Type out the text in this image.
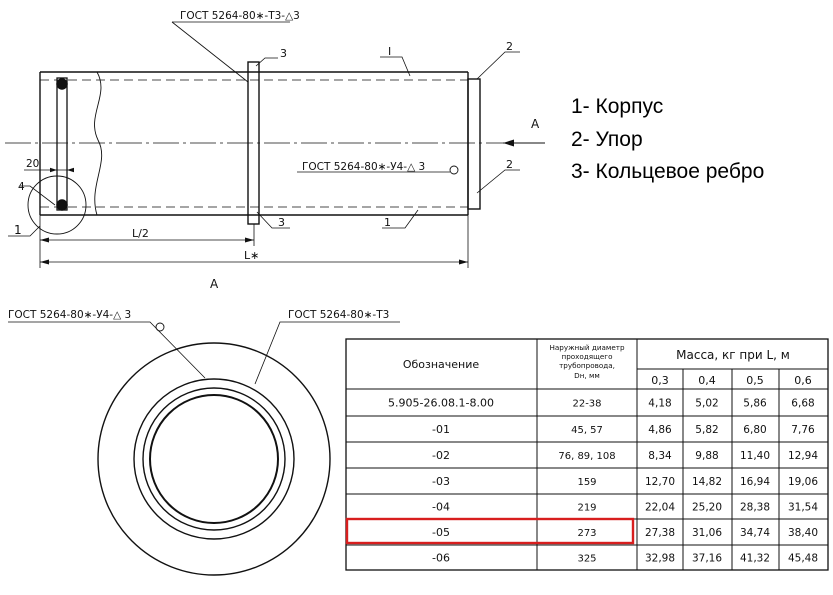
ГОСТ 5264-80∗-Т3-△3
3	I	2
ГОСТ 5264-80∗-У4-△ 3	2
3	1
4
1
20
L/2
L∗
A
A
1- Корпус
2- Упор
3- Кольцевое ребро
ГОСТ 5264-80∗-У4-△ 3	ГОСТ 5264-80∗-Т3
Обозначение
Наружный диаметр
проходящего
трубопровода,
Dн, мм
Масса, кг при L, м
0,3	0,4	0,5	0,6
5.905-26.08.1-8.00	22-38	4,18 5,02 5,86 6,68
-01	45, 57	4,86 5,82 6,80 7,76
-02	76, 89, 108	8,34 9,88 11,40 12,94
-03	159	12,70 14,82 16,94 19,06
-04	219	22,04 25,20 28,38 31,54
-05	273	27,38 31,06 34,74 38,40
-06	325	32,98 37,16 41,32 45,48
